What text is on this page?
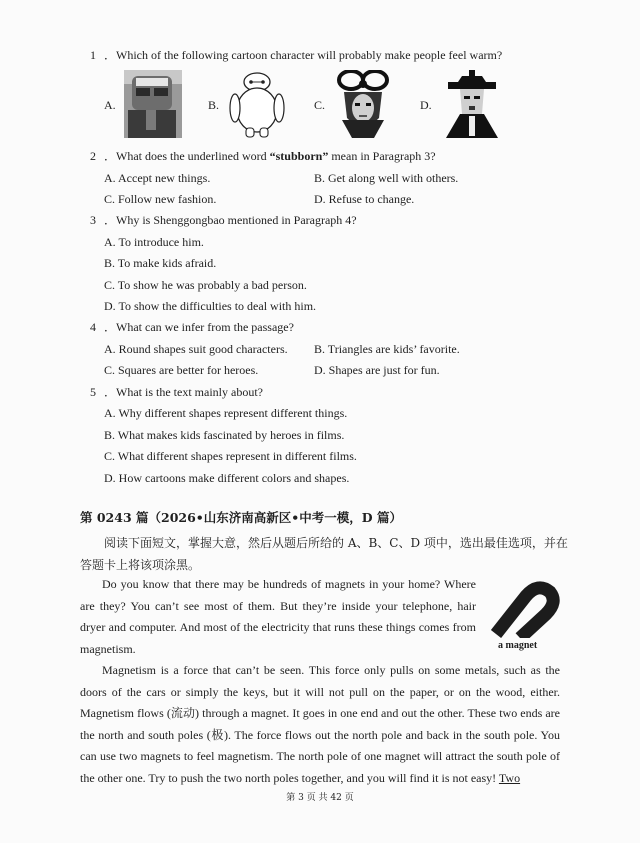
1 ．Which of the following cartoon character will probably make people feel warm?
A.	B.	C.	D.
2 ．What does the underlined word “stubborn” mean in Paragraph 3?
A. Accept new things.	B. Get along well with others.
C. Follow new fashion.	D. Refuse to change.
3 ．Why is Shenggongbao mentioned in Paragraph 4?
A. To introduce him.
B. To make kids afraid.
C. To show he was probably a bad person.
D. To show the difficulties to deal with him.
4 ．What can we infer from the passage?
A. Round shapes suit good characters. B. Triangles are kids’ favorite.
C. Squares are better for heroes.	D. Shapes are just for fun.
5 ．What is the text mainly about?
A. Why different shapes represent different things.
B. What makes kids fascinated by heroes in films.
C. What different shapes represent in different films.
D. How cartoons make different colors and shapes.
第 0243 篇（2026•山东济南高新区•中考一模，D 篇）
阅读下面短文，掌握大意，然后从题后所给的 A、B、C、D 项中，选出最佳选项，并在答题卡上将该项涂黑。

Do you know that there may be hundreds of magnets in your home? Where are they? You can’t see most of them. But they’re inside your telephone, hair dryer and computer. And most of the electricity that runs these things comes from magnetism.	a magnet

Magnetism is a force that can’t be seen. This force only pulls on some metals, such as the doors of the cars or simply the keys, but it will not pull on the paper, or on the wood, either. Magnetism flows (流动) through a magnet. It goes in one end and out the other. These two ends are the north and south poles (极). The force flows out the north pole and back in the south pole. You can use two magnets to feel magnetism. The north pole of one magnet will attract the south pole of the other one. Try to push the two north poles together, and you will find it is not easy! Two

第 3 页 共 42 页
